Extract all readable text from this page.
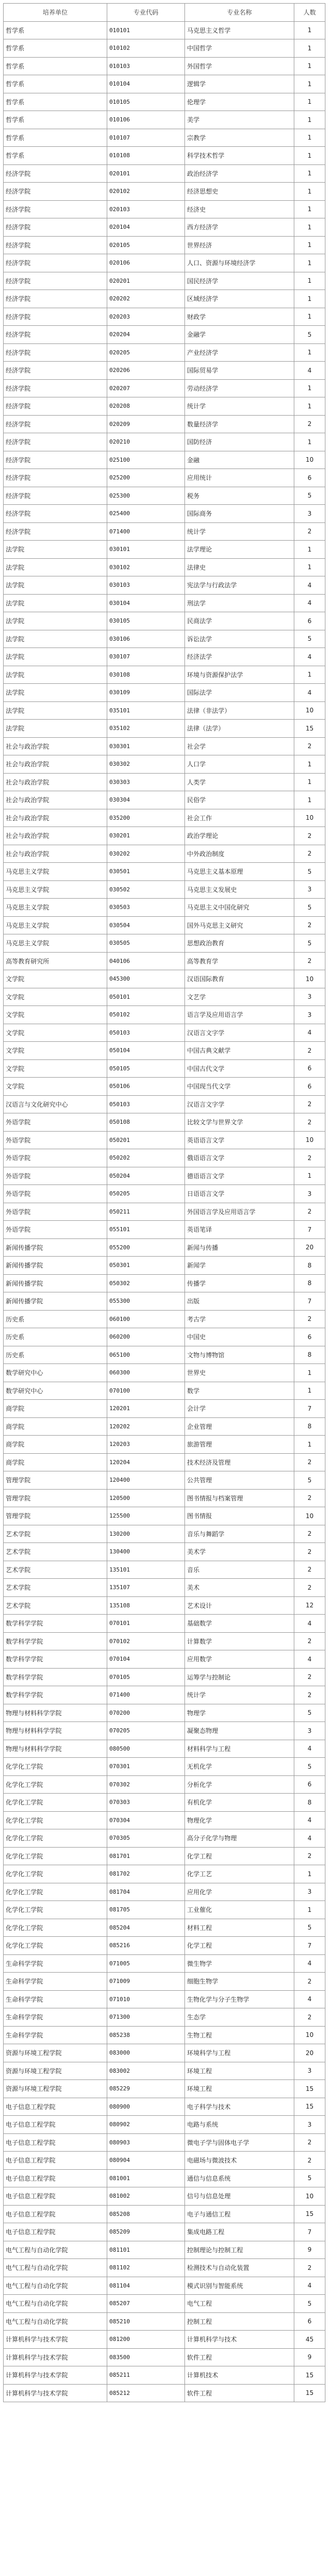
培养单位	专业代码	专业名称	人数
哲学系	010101	马克思主义哲学	1
哲学系	010102	中国哲学	1
哲学系	010103	外国哲学	1
哲学系	010104	逻辑学	1
哲学系	010105	伦理学	1
哲学系	010106	美学	1
哲学系	010107	宗教学	1
哲学系	010108	科学技术哲学	1
经济学院	020101	政治经济学	1
经济学院	020102	经济思想史	1
经济学院	020103	经济史	1
经济学院	020104	西方经济学	1
经济学院	020105	世界经济	1
经济学院	020106	人口、资源与环境经济学	1
经济学院	020201	国民经济学	1
经济学院	020202	区域经济学	1
经济学院	020203	财政学	1
经济学院	020204	金融学	5
经济学院	020205	产业经济学	1
经济学院	020206	国际贸易学	4
经济学院	020207	劳动经济学	1
经济学院	020208	统计学	1
经济学院	020209	数量经济学	2
经济学院	020210	国防经济	1
经济学院	025100	金融	10
经济学院	025200	应用统计	6
经济学院	025300	税务	5
经济学院	025400	国际商务	3
经济学院	071400	统计学	2
法学院	030101	法学理论	1
法学院	030102	法律史	1
法学院	030103	宪法学与行政法学	4
法学院	030104	刑法学	4
法学院	030105	民商法学	6
法学院	030106	诉讼法学	5
法学院	030107	经济法学	4
法学院	030108	环境与资源保护法学	1
法学院	030109	国际法学	4
法学院	035101	法律（非法学）	10
法学院	035102	法律（法学）	15
社会与政治学院	030301	社会学	2
社会与政治学院	030302	人口学	1
社会与政治学院	030303	人类学	1
社会与政治学院	030304	民俗学	1
社会与政治学院	035200	社会工作	10
社会与政治学院	030201	政治学理论	2
社会与政治学院	030202	中外政治制度	2
马克思主义学院	030501	马克思主义基本原理	5
马克思主义学院	030502	马克思主义发展史	3
马克思主义学院	030503	马克思主义中国化研究	5
马克思主义学院	030504	国外马克思主义研究	2
马克思主义学院	030505	思想政治教育	5
高等教育研究所	040106	高等教育学	2
文学院	045300	汉语国际教育	10
文学院	050101	文艺学	3
文学院	050102	语言学及应用语言学	3
文学院	050103	汉语言文字学	4
文学院	050104	中国古典文献学	2
文学院	050105	中国古代文学	6
文学院	050106	中国现当代文学	6
汉语言与文化研究中心	050103	汉语言文字学	2
外语学院	050108	比较文学与世界文学	2
外语学院	050201	英语语言文学	10
外语学院	050202	俄语语言文学	2
外语学院	050204	德语语言文学	1
外语学院	050205	日语语言文学	3
外语学院	050211	外国语言学及应用语言学	2
外语学院	055101	英语笔译	7
新闻传播学院	055200	新闻与传播	20
新闻传播学院	050301	新闻学	8
新闻传播学院	050302	传播学	8
新闻传播学院	055300	出版	7
历史系	060100	考古学	2
历史系	060200	中国史	6
历史系	065100	文物与博物馆	8
数学研究中心	060300	世界史	1
数学研究中心	070100	数学	1
商学院	120201	会计学	7
商学院	120202	企业管理	8
商学院	120203	旅游管理	1
商学院	120204	技术经济及管理	2
管理学院	120400	公共管理	5
管理学院	120500	图书情报与档案管理	2
管理学院	125500	图书情报	10
艺术学院	130200	音乐与舞蹈学	2
艺术学院	130400	美术学	2
艺术学院	135101	音乐	2
艺术学院	135107	美术	2
艺术学院	135108	艺术设计	12
数学科学学院	070101	基础数学	4
数学科学学院	070102	计算数学	2
数学科学学院	070104	应用数学	4
数学科学学院	070105	运筹学与控制论	2
数学科学学院	071400	统计学	2
物理与材料科学学院	070200	物理学	5
物理与材料科学学院	070205	凝聚态物理	3
物理与材料科学学院	080500	材料科学与工程	4
化学化工学院	070301	无机化学	5
化学化工学院	070302	分析化学	6
化学化工学院	070303	有机化学	8
化学化工学院	070304	物理化学	4
化学化工学院	070305	高分子化学与物理	4
化学化工学院	081701	化学工程	2
化学化工学院	081702	化学工艺	1
化学化工学院	081704	应用化学	3
化学化工学院	081705	工业催化	1
化学化工学院	085204	材料工程	5
化学化工学院	085216	化学工程	7
生命科学学院	071005	微生物学	4
生命科学学院	071009	细胞生物学	2
生命科学学院	071010	生物化学与分子生物学	4
生命科学学院	071300	生态学	2
生命科学学院	085238	生物工程	10
资源与环境工程学院	083000	环境科学与工程	20
资源与环境工程学院	083002	环境工程	3
资源与环境工程学院	085229	环境工程	15
电子信息工程学院	080900	电子科学与技术	15
电子信息工程学院	080902	电路与系统	3
电子信息工程学院	080903	微电子学与固体电子学	2
电子信息工程学院	080904	电磁场与微波技术	2
电子信息工程学院	081001	通信与信息系统	5
电子信息工程学院	081002	信号与信息处理	10
电子信息工程学院	085208	电子与通信工程	15
电子信息工程学院	085209	集成电路工程	7
电气工程与自动化学院	081101	控制理论与控制工程	9
电气工程与自动化学院	081102	检测技术与自动化装置	2
电气工程与自动化学院	081104	模式识别与智能系统	4
电气工程与自动化学院	085207	电气工程	5
电气工程与自动化学院	085210	控制工程	6
计算机科学与技术学院	081200	计算机科学与技术	45
计算机科学与技术学院	083500	软件工程	9
计算机科学与技术学院	085211	计算机技术	15
计算机科学与技术学院	085212	软件工程	15
